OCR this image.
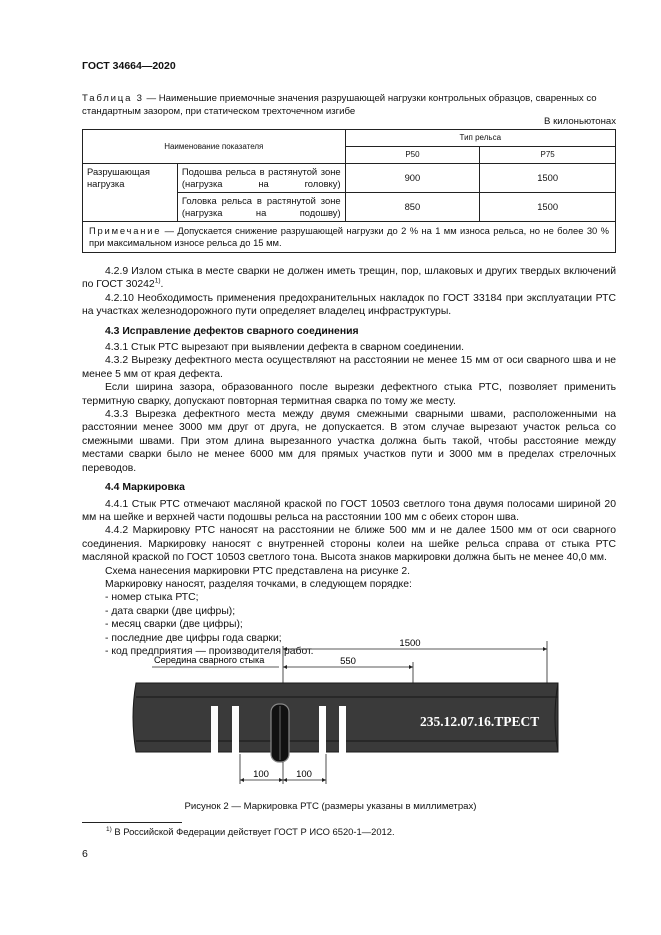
ГОСТ 34664—2020
Таблица 3 — Наименьшие приемочные значения разрушающей нагрузки контрольных образцов, сваренных со стандартным зазором, при статическом трехточечном изгибе
В килоньютонах
Наименование показателя		Тип рельса	
		Р50	Р75
Разрушающая нагрузка	Подошва рельса в растянутой зоне (нагрузка на головку)	900	1500
	Головка рельса в растянутой зоне (нагрузка на подошву)	850	1500
Примечание — Допускается снижение разрушающей нагрузки до 2 % на 1 мм износа рельса, но не более 30 % при максимальном износе рельса до 15 мм.			

4.2.9 Излом стыка в месте сварки не должен иметь трещин, пор, шлаковых и других твердых включений по ГОСТ 30242$^{1)}$.

4.2.10 Необходимость применения предохранительных накладок по ГОСТ 33184 при эксплуатации РТС на участках железнодорожного пути определяет владелец инфраструктуры.

4.3 Исправление дефектов сварного соединения

4.3.1 Стык РТС вырезают при выявлении дефекта в сварном соединении.

4.3.2 Вырезку дефектного места осуществляют на расстоянии не менее 15 мм от оси сварного шва и не менее 5 мм от края дефекта.

Если ширина зазора, образованного после вырезки дефектного стыка РТС, позволяет применить термитную сварку, допускают повторная термитная сварка по тому же месту.

4.3.3 Вырезка дефектного места между двумя смежными сварными швами, расположенными на расстоянии менее 3000 мм друг от друга, не допускается. В этом случае вырезают участок рельса со смежными швами. При этом длина вырезанного участка должна быть такой, чтобы расстояние между местами сварки было не менее 6000 мм для прямых участков пути и 3000 мм в пределах стрелочных переводов.

4.4 Маркировка

4.4.1 Стык РТС отмечают масляной краской по ГОСТ 10503 светлого тона двумя полосами шириной 20 мм на шейке и верхней части подошвы рельса на расстоянии 100 мм с обеих сторон шва.

4.4.2 Маркировку РТС наносят на расстоянии не ближе 500 мм и не далее 1500 мм от оси сварного соединения. Маркировку наносят с внутренней стороны колеи на шейке рельса справа от стыка РТС масляной краской по ГОСТ 10503 светлого тона. Высота знаков маркировки должна быть не менее 40,0 мм.

Схема нанесения маркировки РТС представлена на рисунке 2.

Маркировку наносят, разделяя точками, в следующем порядке:

- номер стыка РТС;

- дата сварки (две цифры);

- месяц сварки (две цифры);

- последние две цифры года сварки;

- код предприятия — производителя работ.

1500
550
Середина сварного стыка
235.12.07.16.ТРЕСТ
100	100
Рисунок 2 — Маркировка РТС (размеры указаны в миллиметрах)
$^{1)}$ В Российской Федерации действует ГОСТ Р ИСО 6520-1—2012.
6
